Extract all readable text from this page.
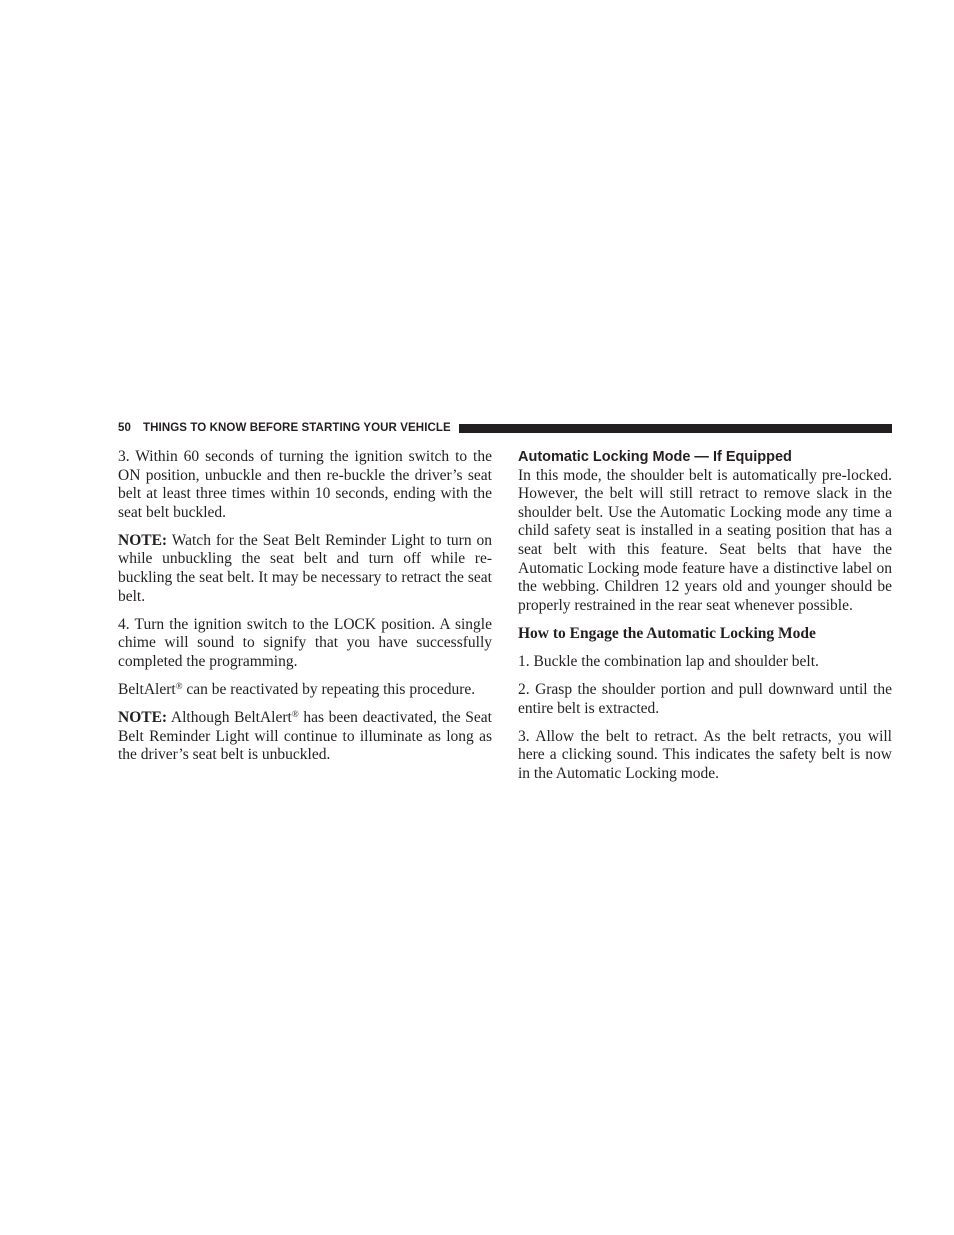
50 THINGS TO KNOW BEFORE STARTING YOUR VEHICLE

3. Within 60 seconds of turning the ignition switch to the ON position, unbuckle and then re-buckle the driver’s seat belt at least three times within 10 seconds, ending with the seat belt buckled.

NOTE: Watch for the Seat Belt Reminder Light to turn on while unbuckling the seat belt and turn off while re-buckling the seat belt. It may be necessary to retract the seat belt.

4. Turn the ignition switch to the LOCK position. A single chime will sound to signify that you have successfully completed the programming.

BeltAlert® can be reactivated by repeating this procedure.

NOTE: Although BeltAlert® has been deactivated, the Seat Belt Reminder Light will continue to illuminate as long as the driver’s seat belt is unbuckled.

Automatic Locking Mode — If Equipped

In this mode, the shoulder belt is automatically pre-locked. However, the belt will still retract to remove slack in the shoulder belt. Use the Automatic Locking mode any time a child safety seat is installed in a seating position that has a seat belt with this feature. Seat belts that have the Automatic Locking mode feature have a distinctive label on the webbing. Children 12 years old and younger should be properly restrained in the rear seat whenever possible.

How to Engage the Automatic Locking Mode

1. Buckle the combination lap and shoulder belt.

2. Grasp the shoulder portion and pull downward until the entire belt is extracted.

3. Allow the belt to retract. As the belt retracts, you will here a clicking sound. This indicates the safety belt is now in the Automatic Locking mode.
